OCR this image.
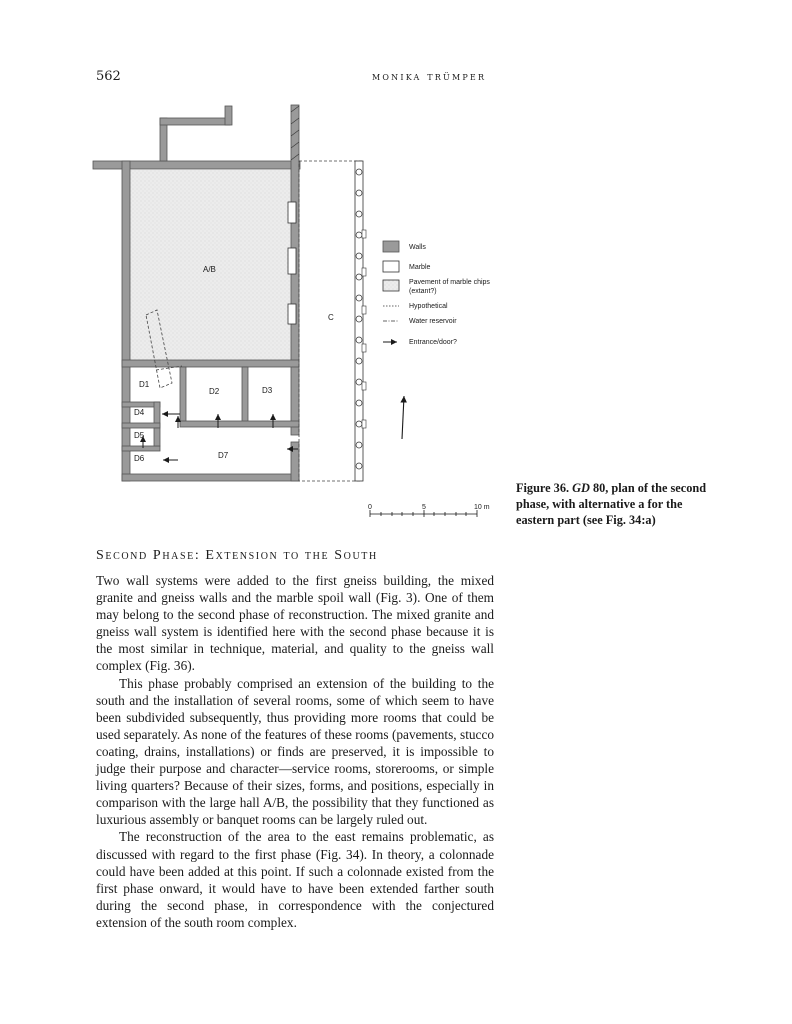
562	monika trümper
A/B
C
D1
D2	D3
D4
D5
D6	D7
Walls
Marble
Pavement of marble chips
(extant?)
Hypothetical
Water reservoir
Entrance/door?
0	5	10 m
Figure 36. GD 80, plan of the second
phase, with alternative a for the
eastern part (see Fig. 34:a)
Second Phase: Extension to the South

Two wall systems were added to the first gneiss building, the mixed granite and gneiss walls and the marble spoil wall (Fig. 3). One of them may belong to the second phase of reconstruction. The mixed granite and gneiss wall system is identified here with the second phase because it is the most similar in technique, material, and quality to the gneiss wall complex (Fig. 36).

This phase probably comprised an extension of the building to the south and the installation of several rooms, some of which seem to have been subdivided subsequently, thus providing more rooms that could be used separately. As none of the features of these rooms (pavements, stucco coating, drains, installations) or finds are preserved, it is impossible to judge their purpose and character—service rooms, storerooms, or simple living quarters? Because of their sizes, forms, and positions, especially in comparison with the large hall A/B, the possibility that they functioned as luxurious assembly or banquet rooms can be largely ruled out.

The reconstruction of the area to the east remains problematic, as discussed with regard to the first phase (Fig. 34). In theory, a colonnade could have been added at this point. If such a colonnade existed from the first phase onward, it would have to have been extended farther south during the second phase, in correspondence with the conjectured extension of the south room complex.
